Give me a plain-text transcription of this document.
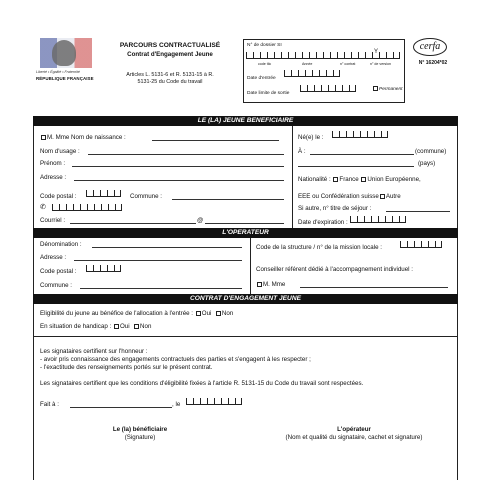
Liberté • Égalité • Fraternité
RÉPUBLIQUE FRANÇAISE
PARCOURS CONTRACTUALISÉ
Contrat d'Engagement Jeune
Articles L. 5131-6 et R. 5131-15 à R.
5131-25 du Code du travail
N° de dossier SI
Y
code tiic	Année	n° contrat	n° de version
Date d'entrée
Date limite de sortie
Permanent
cerfa
N° 16204*02
LE (LA) JEUNE BENEFICIAIRE
M. Mme Nom de naissance :
Nom d'usage :
Prénom :
Adresse :
Code postal :	Commune :
✆
Courriel :	@
Né(e) le :
À :	(commune)
(pays)
Nationalité : France Union Européenne,
EEE ou Confédération suisse Autre
Si autre, n° titre de séjour :
Date d'expiration :
L'OPERATEUR
Dénomination :
Adresse :
Code postal :
Commune :
Code de la structure / n° de la mission locale :
Conseiller référent dédié à l'accompagnement individuel :
M. Mme
CONTRAT D'ENGAGEMENT JEUNE
Eligibilité du jeune au bénéfice de l'allocation à l'entrée : Oui Non
En situation de handicap : Oui Non
Les signataires certifient sur l'honneur :
- avoir pris connaissance des engagements contractuels des parties et s'engagent à les respecter ;
- l'exactitude des renseignements portés sur le présent contrat.
Les signataires certifient que les conditions d'éligibilité fixées à l'article R. 5131-15 du Code du travail sont respectées.
Fait à :	, le
Le (la) bénéficiaire
(Signature)
L'opérateur
(Nom et qualité du signataire, cachet et signature)
